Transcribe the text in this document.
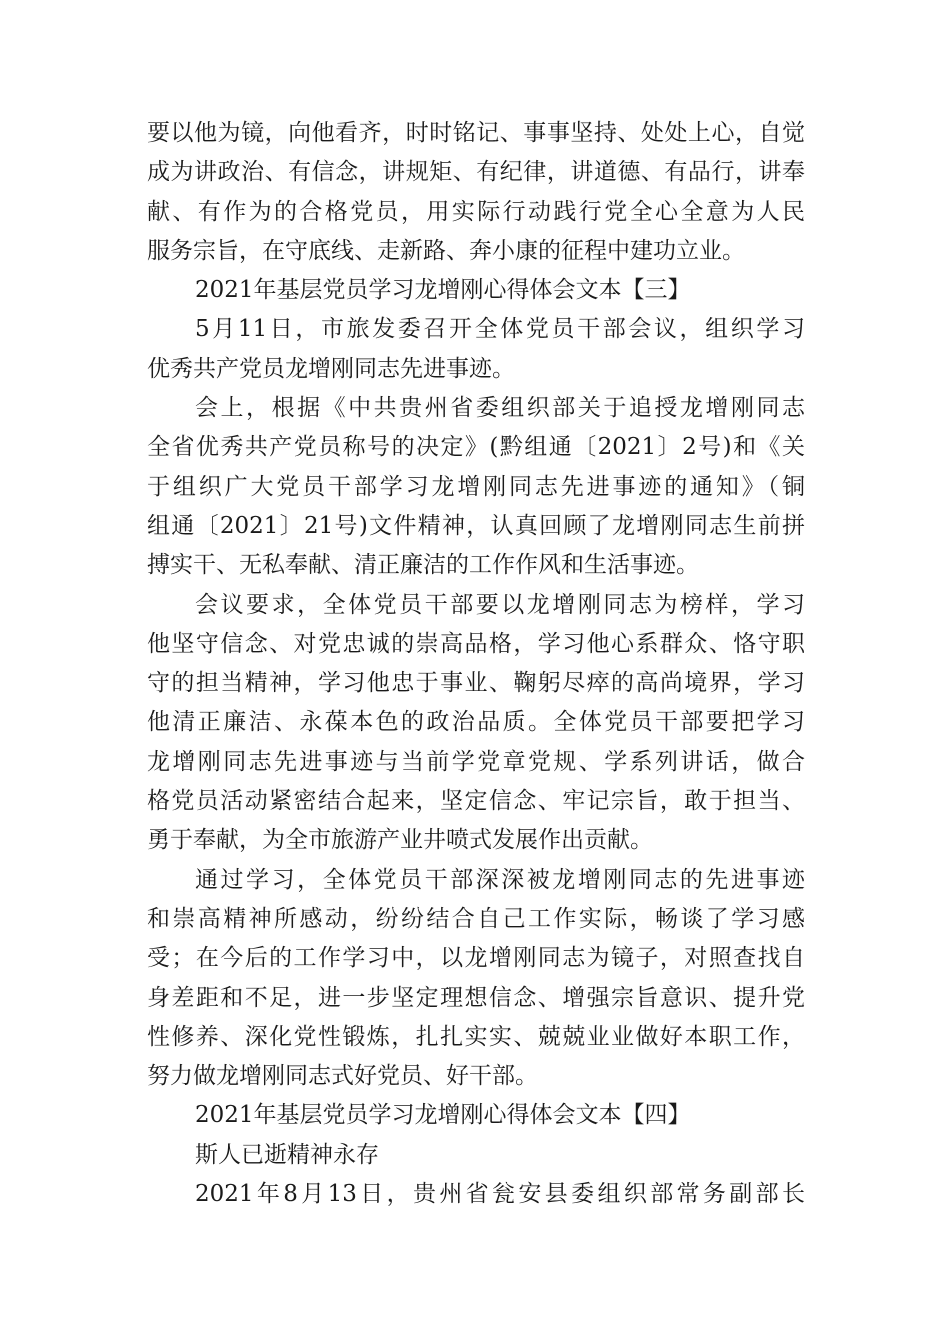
要以他为镜，向他看齐，时时铭记、事事坚持、处处上心，自觉
成为讲政治、有信念，讲规矩、有纪律，讲道德、有品行，讲奉
献、有作为的合格党员，用实际行动践行党全心全意为人民
服务宗旨，在守底线、走新路、奔小康的征程中建功立业。
2021年基层党员学习龙增刚心得体会文本【三】
5月11日，市旅发委召开全体党员干部会议，组织学习
优秀共产党员龙增刚同志先进事迹。
会上，根据《中共贵州省委组织部关于追授龙增刚同志
全省优秀共产党员称号的决定》(黔组通〔2021〕2号)和《关
于组织广大党员干部学习龙增刚同志先进事迹的通知》（铜
组通〔2021〕21号)文件精神，认真回顾了龙增刚同志生前拼
搏实干、无私奉献、清正廉洁的工作作风和生活事迹。
会议要求，全体党员干部要以龙增刚同志为榜样，学习
他坚守信念、对党忠诚的崇高品格，学习他心系群众、恪守职
守的担当精神，学习他忠于事业、鞠躬尽瘁的高尚境界，学习
他清正廉洁、永葆本色的政治品质。全体党员干部要把学习
龙增刚同志先进事迹与当前学党章党规、学系列讲话，做合
格党员活动紧密结合起来，坚定信念、牢记宗旨，敢于担当、
勇于奉献，为全市旅游产业井喷式发展作出贡献。
通过学习，全体党员干部深深被龙增刚同志的先进事迹
和崇高精神所感动，纷纷结合自己工作实际，畅谈了学习感
受；在今后的工作学习中，以龙增刚同志为镜子，对照查找自
身差距和不足，进一步坚定理想信念、增强宗旨意识、提升党
性修养、深化党性锻炼，扎扎实实、兢兢业业做好本职工作，
努力做龙增刚同志式好党员、好干部。
2021年基层党员学习龙增刚心得体会文本【四】
斯人已逝精神永存
2021年8月13日，贵州省瓮安县委组织部常务副部长
